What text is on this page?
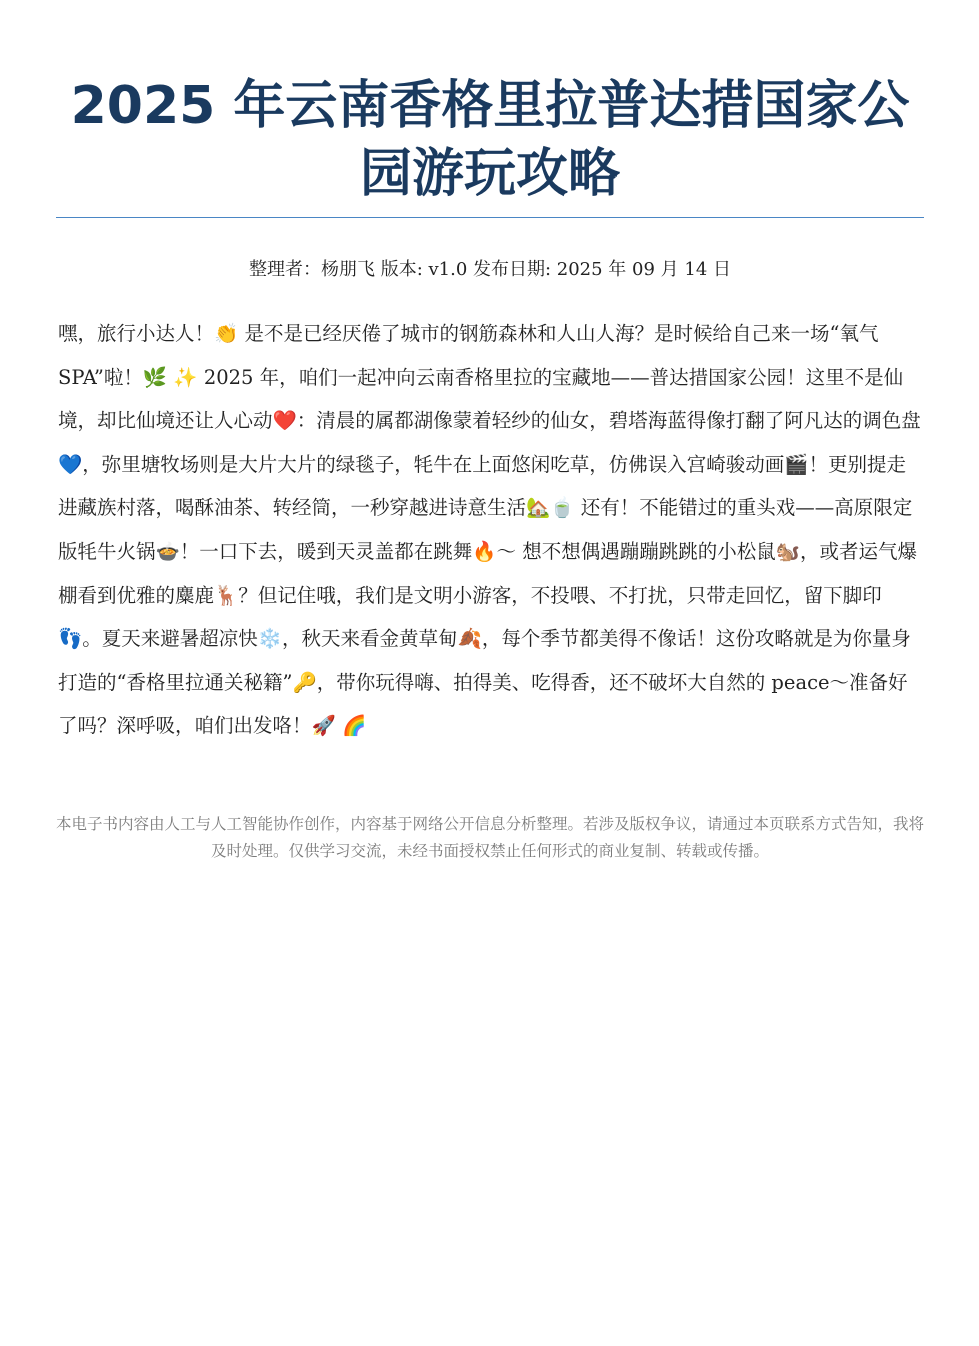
2025 年云南香格里拉普达措国家公园游玩攻略
整理者：杨朋飞 版本: v1.0 发布日期: 2025 年 09 月 14 日

嘿，旅行小达人！👏 是不是已经厌倦了城市的钢筋森林和人山人海？是时候给自己来一场“氧气 SPA”啦！🌿 ✨ 2025 年，咱们一起冲向云南香格里拉的宝藏地——普达措国家公园！这里不是仙境，却比仙境还让人心动❤️：清晨的属都湖像蒙着轻纱的仙女，碧塔海蓝得像打翻了阿凡达的调色盘💙，弥里塘牧场则是大片大片的绿毯子，牦牛在上面悠闲吃草，仿佛误入宫崎骏动画🎬！更别提走进藏族村落，喝酥油茶、转经筒，一秒穿越进诗意生活🏡🍵 还有！不能错过的重头戏——高原限定版牦牛火锅🍲！一口下去，暖到天灵盖都在跳舞🔥～ 想不想偶遇蹦蹦跳跳的小松鼠🐿️，或者运气爆棚看到优雅的麋鹿🦌？但记住哦，我们是文明小游客，不投喂、不打扰，只带走回忆，留下脚印👣。夏天来避暑超凉快❄️，秋天来看金黄草甸🍂，每个季节都美得不像话！这份攻略就是为你量身打造的“香格里拉通关秘籍”🔑，带你玩得嗨、拍得美、吃得香，还不破坏大自然的 peace～准备好了吗？深呼吸，咱们出发咯！🚀 🌈

本电子书内容由人工与人工智能协作创作，内容基于网络公开信息分析整理。若涉及版权争议，请通过本页联系方式告知，我将及时处理。仅供学习交流，未经书面授权禁止任何形式的商业复制、转载或传播。
